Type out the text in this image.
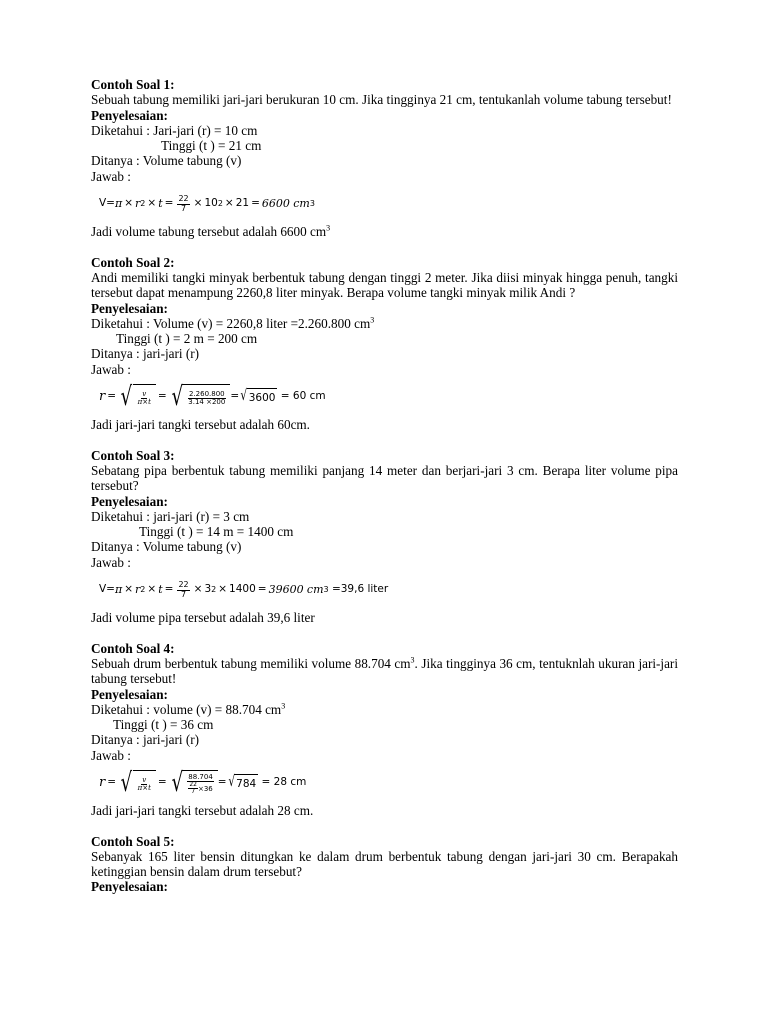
Contoh Soal 1:
Sebuah tabung memiliki jari-jari berukuran 10 cm. Jika tingginya 21 cm, tentukanlah volume tabung tersebut!
Penyelesaian:
Diketahui : Jari-jari (r) = 10 cm
Tinggi (t ) = 21 cm
Ditanya : Volume tabung (v)
Jawab :
V= π × r $2 \times t = \frac{22}{7} \times 10$ 2 × 21 = 6600
cm 3
Jadi volume tabung tersebut adalah 6600 $cm^3$
Contoh Soal 2:
Andi memiliki tangki minyak berbentuk tabung dengan tinggi 2 meter. Jika diisi minyak hingga penuh, tangki tersebut dapat menampung 2260,8 liter minyak. Berapa volume tangki minyak milik Andi ?
Penyelesaian:
Diketahui : Volume (v) = 2260,8 liter =2.260.800 $cm^3$
Tinggi (t ) = 2 m = 200 cm
Ditanya : jari-jari (r)
Jawab :
r = √ $\frac{v}{\pi\times t}$ = √ $\frac{2.260.800}{3.14 \times 200}$ = √ 3600
= 60 cm
Jadi jari-jari tangki tersebut adalah 60cm.
Contoh Soal 3:
Sebatang pipa berbentuk tabung memiliki panjang 14 meter dan berjari-jari 3 cm. Berapa liter volume pipa tersebut?
Penyelesaian:
Diketahui : jari-jari (r) = 3 cm
Tinggi (t ) = 14 m = 1400 cm
Ditanya : Volume tabung (v)
Jawab :
V= π × r $2 \times t = \frac{22}{7} \times 3$ 2 × 1400 = 39600
cm 3
=39,6 liter
Jadi volume pipa tersebut adalah 39,6 liter
Contoh Soal 4:
Sebuah drum berbentuk tabung memiliki volume 88.704 $cm^3$. Jika tingginya 36 cm, tentuknlah ukuran jari-jari tabung tersebut!
Penyelesaian:
Diketahui : volume (v) = 88.704 $cm^3$
Tinggi (t ) = 36 cm
Ditanya : jari-jari (r)
Jawab :
r = √ $\frac{v}{\pi\times t}$ = √ $\frac{88.704}{\frac{22}{7} \times 36}$ = √ 784
= 28 cm
Jadi jari-jari tangki tersebut adalah 28 cm.
Contoh Soal 5:
Sebanyak 165 liter bensin ditungkan ke dalam drum berbentuk tabung dengan jari-jari 30 cm. Berapakah ketinggian bensin dalam drum tersebut?
Penyelesaian:
